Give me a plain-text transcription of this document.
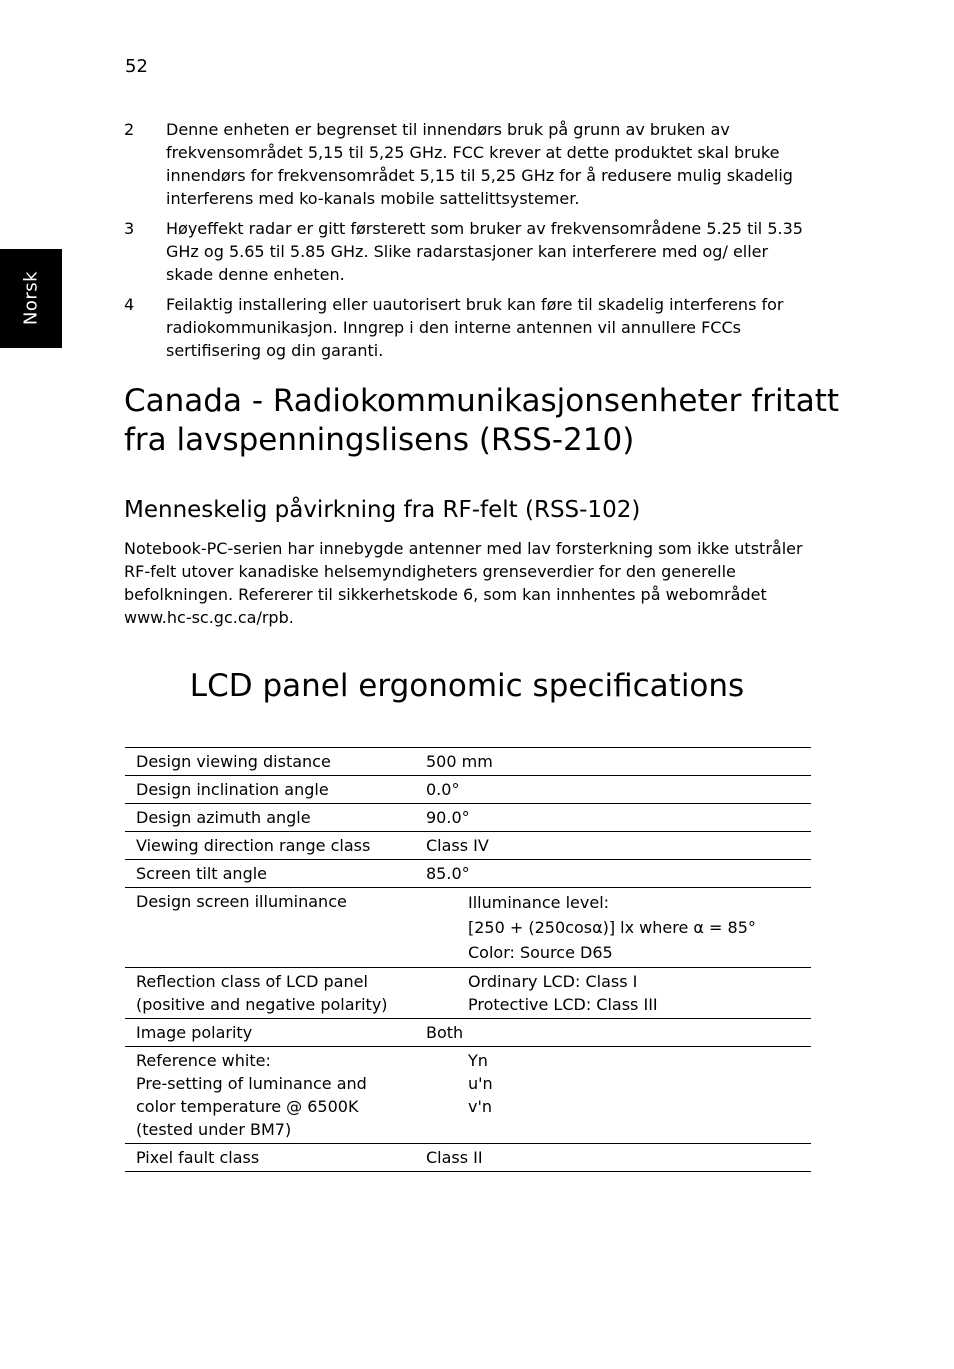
52
Norsk
2	Denne enheten er begrenset til innendørs bruk på grunn av bruken av frekvensområdet 5,15 til 5,25 GHz. FCC krever at dette produktet skal bruke innendørs for frekvensområdet 5,15 til 5,25 GHz for å redusere mulig skadelig interferens med ko-kanals mobile sattelittsystemer.
3	Høyeffekt radar er gitt førsterett som bruker av frekvensområdene 5.25 til 5.35 GHz og 5.65 til 5.85 GHz. Slike radarstasjoner kan interferere med og/ eller skade denne enheten.
4	Feilaktig installering eller uautorisert bruk kan føre til skadelig interferens for radiokommunikasjon. Inngrep i den interne antennen vil annullere FCCs sertifisering og din garanti.
Canada - Radiokommunikasjonsenheter fritatt fra lavspenningslisens (RSS-210)
Menneskelig påvirkning fra RF-felt (RSS-102)

Notebook-PC-serien har innebygde antenner med lav forsterkning som ikke utstråler RF-felt utover kanadiske helsemyndigheters grenseverdier for den generelle befolkningen. Refererer til sikkerhetskode 6, som kan innhentes på webområdet www.hc-sc.gc.ca/rpb.

LCD panel ergonomic specifications
Design viewing distance	500 mm

Design inclination angle	0.0°

Design azimuth angle	90.0°

Viewing direction range class	Class IV

Screen tilt angle	85.0°

Design screen illuminance	Illuminance level:
[250 + (250cosα)] lx where α = 85°
Color: Source D65

Reflection class of LCD panel
(positive and negative polarity)	Ordinary LCD: Class I
Protective LCD: Class III

Image polarity	Both

Reference white:
Pre-setting of luminance and
color temperature @ 6500K
(tested under BM7)	Yn
u'n
v'n

Pixel fault class	Class II
